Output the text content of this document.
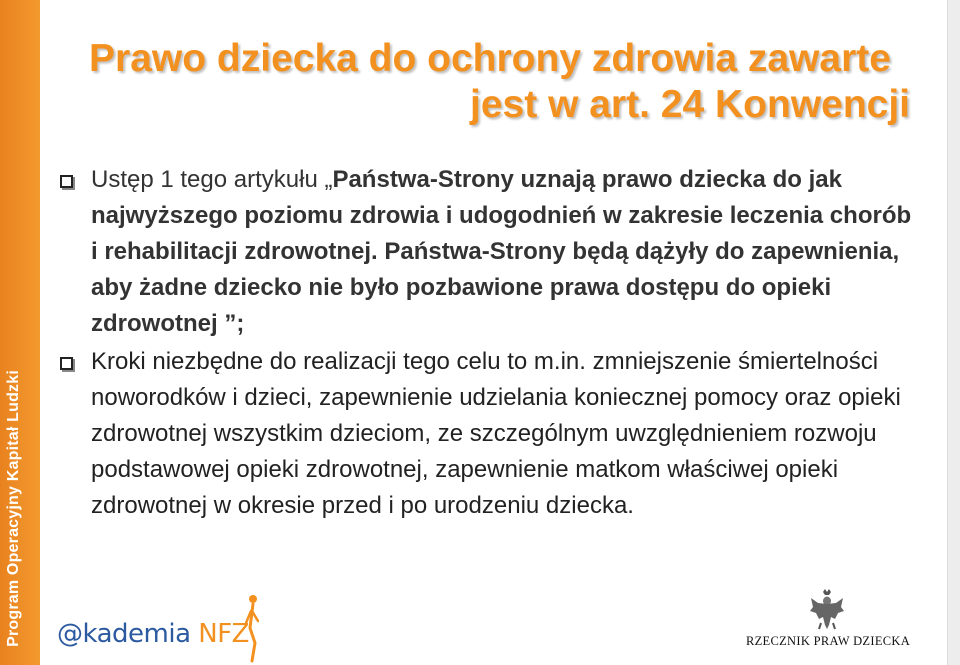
Program Operacyjny Kapitał Ludzki
Prawo dziecka do ochrony zdrowia zawarte
jest w art. 24 Konwencji
Ustęp 1 tego artykułu „Państwa-Strony uznają prawo dziecka do jak najwyższego poziomu zdrowia i udogodnień w zakresie leczenia chorób i rehabilitacji zdrowotnej. Państwa-Strony będą dążyły do zapewnienia, aby żadne dziecko nie było pozbawione prawa dostępu do opieki zdrowotnej ”;
Kroki niezbędne do realizacji tego celu to m.in. zmniejszenie śmiertelności noworodków i dzieci, zapewnienie udzielania koniecznej pomocy oraz opieki zdrowotnej wszystkim dzieciom, ze szczególnym uwzględnieniem rozwoju podstawowej opieki zdrowotnej, zapewnienie matkom właściwej opieki zdrowotnej w okresie przed i po urodzeniu dziecka.
@kademia NFZ	RZECZNIK PRAW DZIECKA
